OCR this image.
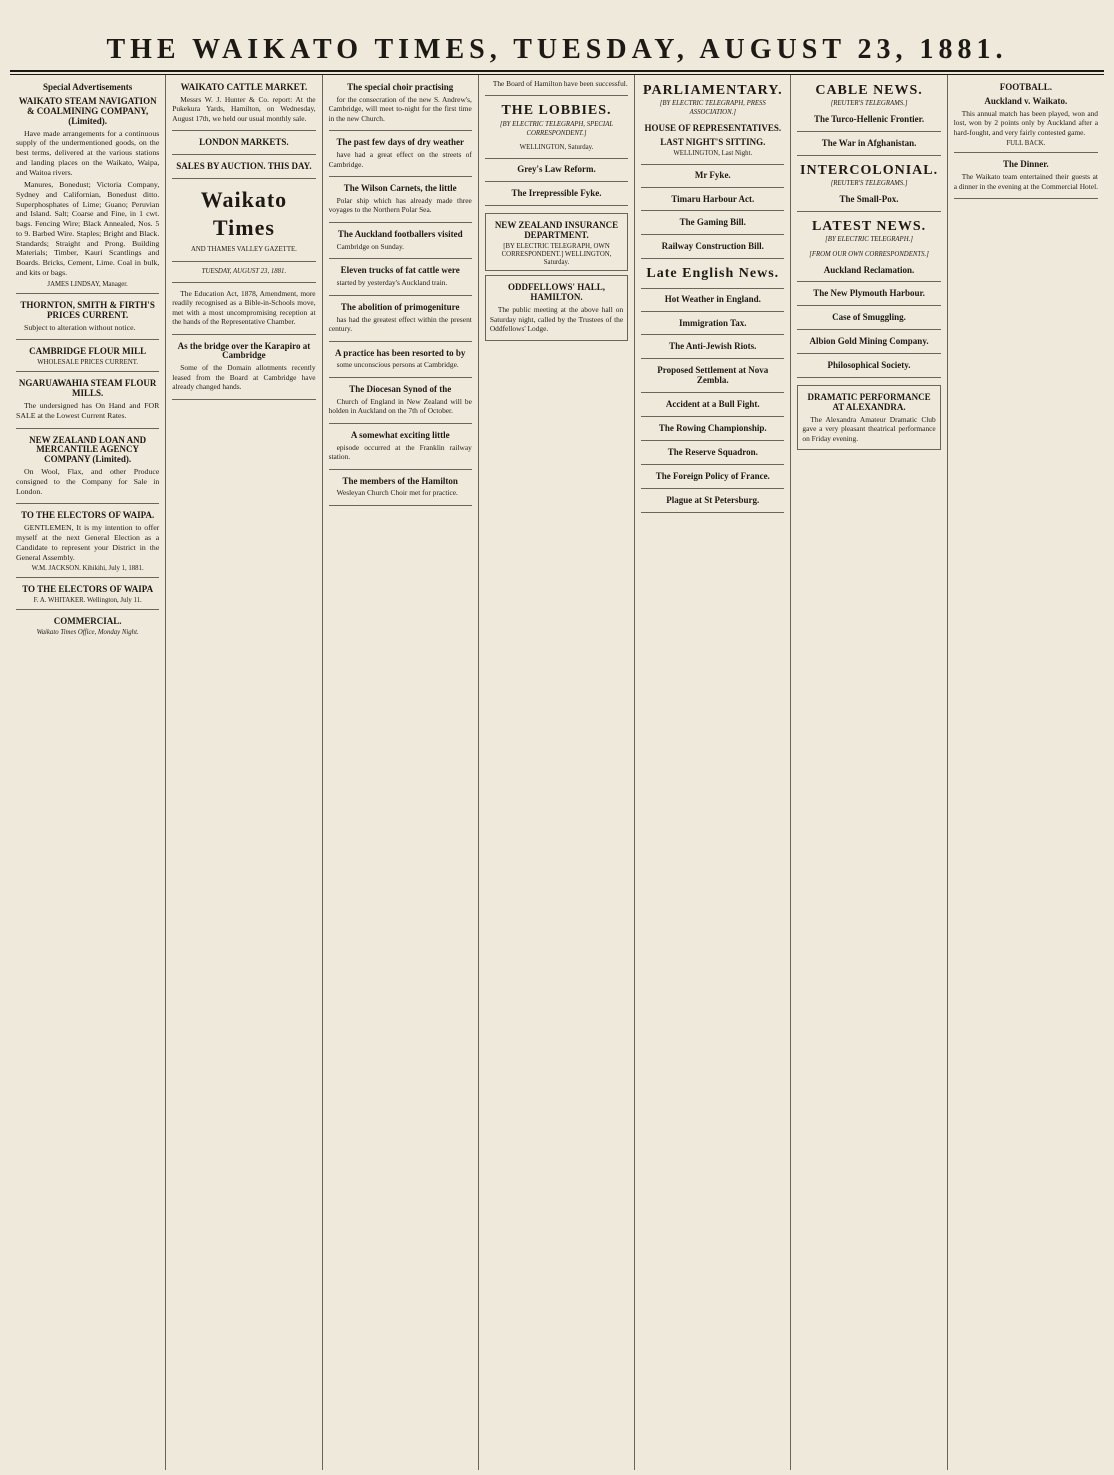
THE WAIKATO TIMES, TUESDAY, AUGUST 23, 1881.
Special Advertisements
WAIKATO STEAM NAVIGATION & COALMINING COMPANY, (Limited).

Have made arrangements for a continuous supply of the undermentioned goods, on the best terms, delivered at the various stations and landing places on the Waikato, Waipa, and Waitoa rivers.

Manures, Bonedust; Victoria Company, Sydney and Californian, Bonedust ditto. Superphosphates of Lime; Guano; Peruvian and Island. Salt; Coarse and Fine, in 1 cwt. bags. Fencing Wire; Black Annealed, Nos. 5 to 9. Barbed Wire. Staples; Bright and Black. Standards; Straight and Prong. Building Materials; Timber, Kauri Scantlings and Boards. Bricks, Cement, Lime. Coal in bulk, and kits or bags.

JAMES LINDSAY, Manager.
THORNTON, SMITH & FIRTH'S PRICES CURRENT.

Subject to alteration without notice.

CAMBRIDGE FLOUR MILL
WHOLESALE PRICES CURRENT.
NGARUAWAHIA STEAM FLOUR MILLS.

The undersigned has On Hand and FOR SALE at the Lowest Current Rates.

NEW ZEALAND LOAN AND MERCANTILE AGENCY COMPANY (Limited).

On Wool, Flax, and other Produce consigned to the Company for Sale in London.

TO THE ELECTORS OF WAIPA.

GENTLEMEN, It is my intention to offer myself at the next General Election as a Candidate to represent your District in the General Assembly.

W.M. JACKSON. Kihikihi, July 1, 1881.
TO THE ELECTORS OF WAIPA
F. A. WHITAKER. Wellington, July 11.
COMMERCIAL.
Waikato Times Office, Monday Night.
WAIKATO CATTLE MARKET.

Messrs W. J. Hunter & Co. report: At the Pukekura Yards, Hamilton, on Wednesday, August 17th, we held our usual monthly sale.

LONDON MARKETS.
SALES BY AUCTION. THIS DAY.
Waikato Times
AND THAMES VALLEY GAZETTE.
TUESDAY, AUGUST 23, 1881.

The Education Act, 1878, Amendment, more readily recognised as a Bible-in-Schools move, met with a most uncompromising reception at the hands of the Representative Chamber.

As the bridge over the Karapiro at Cambridge

Some of the Domain allotments recently leased from the Board at Cambridge have already changed hands.

The special choir practising

for the consecration of the new S. Andrew's, Cambridge, will meet to-night for the first time in the new Church.

The past few days of dry weather

have had a great effect on the streets of Cambridge.

The Wilson Carnets, the little

Polar ship which has already made three voyages to the Northern Polar Sea.

The Auckland footballers visited

Cambridge on Sunday.

Eleven trucks of fat cattle were

started by yesterday's Auckland train.

The abolition of primogeniture

has had the greatest effect within the present century.

A practice has been resorted to by

some unconscious persons at Cambridge.

The Diocesan Synod of the

Church of England in New Zealand will be holden in Auckland on the 7th of October.

A somewhat exciting little

episode occurred at the Franklin railway station.

The members of the Hamilton

Wesleyan Church Choir met for practice.

The Board of Hamilton have been successful.

THE LOBBIES.
[BY ELECTRIC TELEGRAPH, SPECIAL CORRESPONDENT.]
WELLINGTON, Saturday.
Grey's Law Reform.
The Irrepressible Fyke.
NEW ZEALAND INSURANCE DEPARTMENT.
[BY ELECTRIC TELEGRAPH, OWN CORRESPONDENT.] WELLINGTON, Saturday.
ODDFELLOWS' HALL, HAMILTON.

The public meeting at the above hall on Saturday night, called by the Trustees of the Oddfellows' Lodge.

PARLIAMENTARY.
[BY ELECTRIC TELEGRAPH, PRESS ASSOCIATION.]
HOUSE OF REPRESENTATIVES.
LAST NIGHT'S SITTING.
WELLINGTON, Last Night.
Mr Fyke.
Timaru Harbour Act.
The Gaming Bill.
Railway Construction Bill.
Late English News.
Hot Weather in England.
Immigration Tax.
The Anti-Jewish Riots.
Proposed Settlement at Nova Zembla.
Accident at a Bull Fight.
The Rowing Championship.
The Reserve Squadron.
The Foreign Policy of France.
Plague at St Petersburg.
CABLE NEWS.
[REUTER'S TELEGRAMS.]
The Turco-Hellenic Frontier.
The War in Afghanistan.
INTERCOLONIAL.
[REUTER'S TELEGRAMS.]
The Small-Pox.
LATEST NEWS.
[BY ELECTRIC TELEGRAPH.]
[FROM OUR OWN CORRESPONDENTS.]
Auckland Reclamation.
The New Plymouth Harbour.
Case of Smuggling.
Albion Gold Mining Company.
Philosophical Society.
DRAMATIC PERFORMANCE AT ALEXANDRA.

The Alexandra Amateur Dramatic Club gave a very pleasant theatrical performance on Friday evening.

FOOTBALL.
Auckland v. Waikato.

This annual match has been played, won and lost, won by 2 points only by Auckland after a hard-fought, and very fairly contested game.

FULL BACK.
The Dinner.

The Waikato team entertained their guests at a dinner in the evening at the Commercial Hotel.
